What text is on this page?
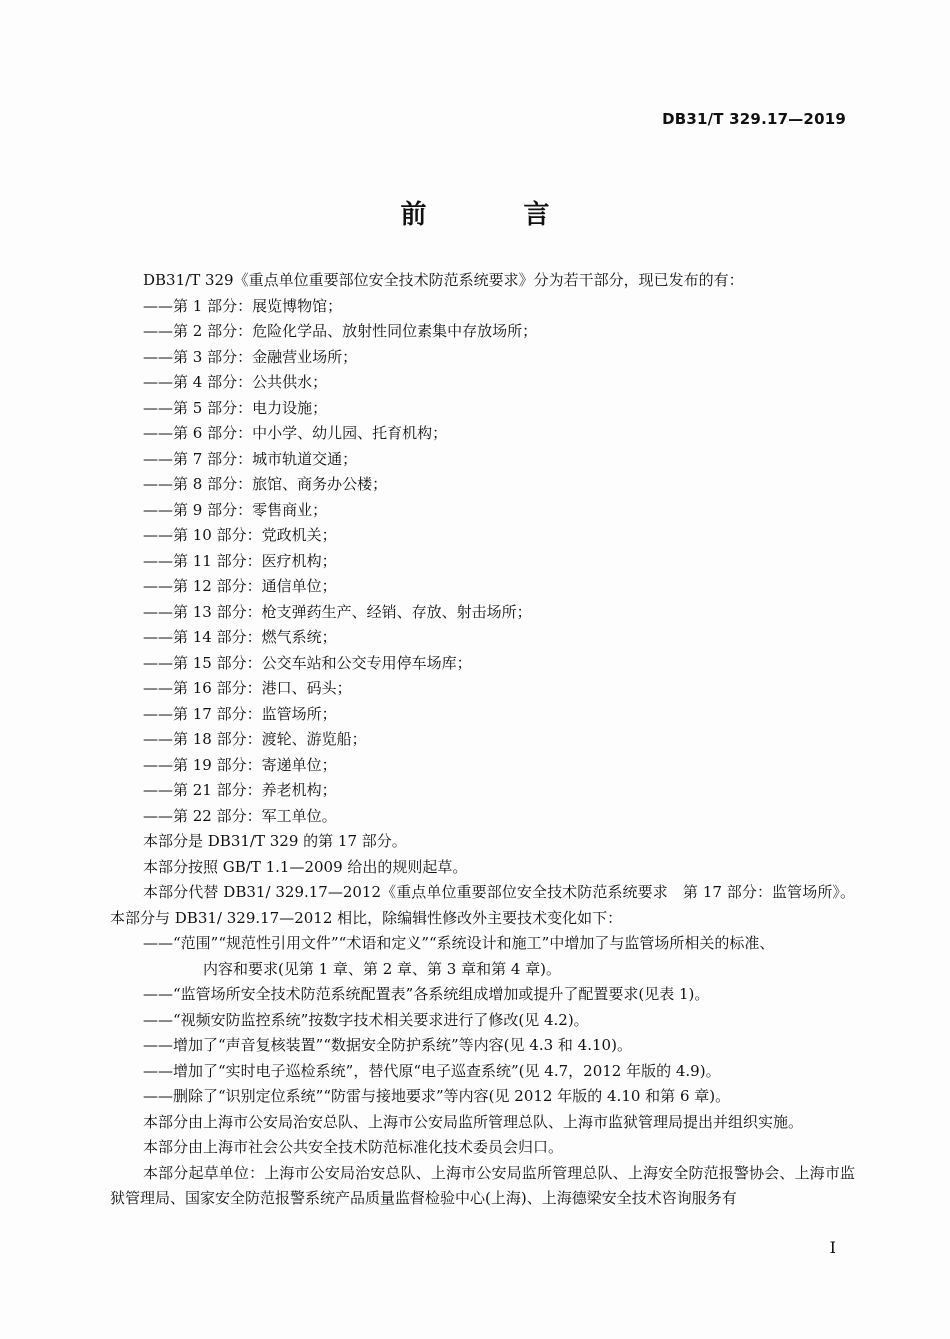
DB31/T 329.17—2019
前 言

DB31/T 329《重点单位重要部位安全技术防范系统要求》分为若干部分，现已发布的有：

——第 1 部分：展览博物馆；
——第 2 部分：危险化学品、放射性同位素集中存放场所；
——第 3 部分：金融营业场所；
——第 4 部分：公共供水；
——第 5 部分：电力设施；
——第 6 部分：中小学、幼儿园、托育机构；
——第 7 部分：城市轨道交通；
——第 8 部分：旅馆、商务办公楼；
——第 9 部分：零售商业；
——第 10 部分：党政机关；
——第 11 部分：医疗机构；
——第 12 部分：通信单位；
——第 13 部分：枪支弹药生产、经销、存放、射击场所；
——第 14 部分：燃气系统；
——第 15 部分：公交车站和公交专用停车场库；
——第 16 部分：港口、码头；
——第 17 部分：监管场所；
——第 18 部分：渡轮、游览船；
——第 19 部分：寄递单位；
——第 21 部分：养老机构；
——第 22 部分：军工单位。

本部分是 DB31/T 329 的第 17 部分。

本部分按照 GB/T 1.1—2009 给出的规则起草。

本部分代替 DB31/ 329.17—2012《重点单位重要部位安全技术防范系统要求　第 17 部分：监管场所》。本部分与 DB31/ 329.17—2012 相比，除编辑性修改外主要技术变化如下：

——“范围”“规范性引用文件”“术语和定义”“系统设计和施工”中增加了与监管场所相关的标准、
内容和要求(见第 1 章、第 2 章、第 3 章和第 4 章)。
——“监管场所安全技术防范系统配置表”各系统组成增加或提升了配置要求(见表 1)。
——“视频安防监控系统”按数字技术相关要求进行了修改(见 4.2)。
——增加了“声音复核装置”“数据安全防护系统”等内容(见 4.3 和 4.10)。
——增加了“实时电子巡检系统”，替代原“电子巡查系统”(见 4.7，2012 年版的 4.9)。
——删除了“识别定位系统”“防雷与接地要求”等内容(见 2012 年版的 4.10 和第 6 章)。

本部分由上海市公安局治安总队、上海市公安局监所管理总队、上海市监狱管理局提出并组织实施。

本部分由上海市社会公共安全技术防范标准化技术委员会归口。

本部分起草单位：上海市公安局治安总队、上海市公安局监所管理总队、上海安全防范报警协会、上海市监狱管理局、国家安全防范报警系统产品质量监督检验中心(上海)、上海德梁安全技术咨询服务有

I
